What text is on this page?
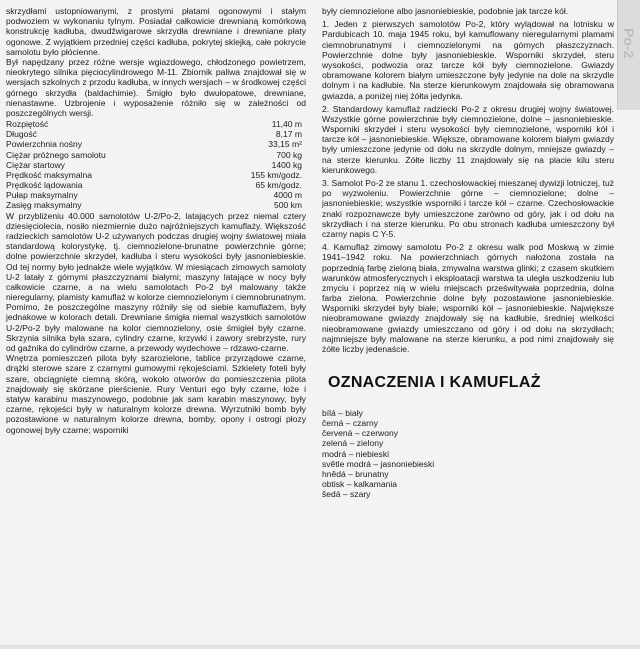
skrzydłami ustopniowanymi, z prostymi płatami ogonowymi i stałym podwoziem w wykonaniu tylnym. Posiadał całkowicie drewnianą komórkową konstrukcję kadłuba, dwudźwigarowe skrzydła drewniane i drewniane płaty ogonowe. Z wyjątkiem przedniej części kadłuba, pokrytej sklejką, całe pokrycie samolotu było płócienne.

Był napędzany przez różne wersje wgiazdowego, chłodzonego powietrzem, nieokrytego silnika pięciocylindrowego M-11. Zbiornik paliwa znajdował się w wersjach szkolnych z przodu kadłuba, w innych wersjach – w środkowej części górnego skrzydła (baldachimie). Śmigło było dwułopatowe, drewniane, nienastawne. Uzbrojenie i wyposażenie różniło się w zależności od poszczególnych wersji.

Rozpiętość	11,40 m
Długość	8,17 m
Powierzchnia nośny	33,15 m²
Ciężar próżnego samolotu	700 kg
Ciężar startowy	1400 kg
Prędkość maksymalna	155 km/godz.
Prędkość lądowania	65 km/godz.
Pułap maksymalny	4000 m
Zasięg maksymalny	500 km

W przybliżeniu 40.000 samolotów U-2/Po-2, latających przez niemal cztery dziesięciolecia, nosiło niezmiernie dużo najróżniejszych kamuflaży. Większość radzieckich samolotów U-2 używanych podczas drugiej wojny światowej miała standardową kolorystykę, tj. ciemnozielone-brunatne powierzchnie górne; dolne powierzchnie skrzydeł, kadłuba i steru wysokości były jasnoniebieskie. Od tej normy było jednakże wiele wyjątków. W miesiącach zimowych samoloty U-2 latały z górnymi płaszczyznami białymi; maszyny latające w nocy były całkowicie czarne, a na wielu samolotach Po-2 był malowany także nieregularny, plamisty kamuflaż w kolorze ciemnozielonym i ciemnobrunatnym. Pomimo, że poszczególne maszyny różniły się od siebie kamuflażem, były jednakowe w kolorach detali. Drewniane śmigła niemal wszystkich samolotów U-2/Po-2 były malowane na kolor ciemnozielony, osie śmigieł były czarne. Skrzynia silnika była szara, cylindry czarne, krzywki i zawory srebrzyste, rury od gaźnika do cylindrów czarne, a przewody wydechowe – rdzawo-czarne.

Wnętrza pomieszczeń pilota były szarozielone, tablice przyrządowe czarne, drążki sterowe szare z czarnymi gumowymi rękojeściami. Szkielety foteli były szare, obciągnięte ciemną skórą, wokoło otworów do pomieszczenia pilota znajdowały się skórzane pierścienie. Rury Venturi ego były czarne, łoże i statyw karabinu maszynowego, podobnie jak sam karabin maszynowy, były czarne, rękojeści były w naturalnym kolorze drewna. Wyrzutniki bomb były pozostawione w naturalnym kolorze drewna, bomby, opony i ostrogi płozy ogonowej były czarne; wsporniki

były ciemnozielone albo jasnoniebieskie, podobnie jak tarcze kół.

1. Jeden z pierwszych samolotów Po-2, który wylądował na lotnisku w Pardubicach 10. maja 1945 roku, był kamuflowany nieregularnymi plamami ciemnobrunatnymi i ciemnozielonymi na górnych płaszczyznach. Powierzchnie dolne były jasnoniebieskie. Wsporniki skrzydeł, steru wysokości, podwozia oraz tarcze kół były ciemnozielone. Gwiazdy obramowane kolorem białym umieszczone były jedynie na dole na skrzydle dolnym i na kadłubie. Na sterze kierunkowym znajdowała się obramowana gwiazda, a poniżej niej żółta jedynka.

2. Standardowy kamuflaż radziecki Po-2 z okresu drugiej wojny światowej. Wszystkie górne powierzchnie były ciemnozielone, dolne – jasnoniebieskie. Wsporniki skrzydeł i steru wysokości były ciemnozielone, wsporniki kół i tarcze kół – jasnoniebieskie. Większe, obramowane kolorem białym gwiazdy były umieszczone jedynie od dołu na skrzydle dolnym, mniejsze gwiazdy – na sterze kierunku. Żółte liczby 11 znajdowały się na placie kilu steru kierunkowego.

3. Samolot Po-2 ze stanu 1. czechosłowackiej mieszanej dywizji lotniczej, tuż po wyzwoleniu. Powierzchnie górne – ciemnozielone; dolne – jasnoniebieskie; wszystkie wsporniki i tarcze kół – czarne. Czechosłowackie znaki rozpoznawcze były umieszczone zarówno od góry, jak i od dołu na skrzydłach i na sterze kierunku. Po obu stronach kadłuba umieszczony był czarny napis C Y-5.

4. Kamuflaż zimowy samolotu Po-2 z okresu walk pod Moskwą w zimie 1941–1942 roku. Na powierzchniach górnych nałożona została na poprzednią farbę zieloną biała, zmywalna warstwa glinki; z czasem skutkiem warunków atmosferycznych i eksploatacji warstwa ta uległa uszkodzeniu lub zmyciu i poprzez nią w wielu miejscach prześwitywała poprzednia, dolna farba zielona. Powierzchnie dolne były pozostawione jasnoniebieskie. Wsporniki skrzydeł były białe; wsporniki kół – jasnoniebieskie. Największe nieobramowane gwiazdy znajdowały się na kadłubie, średniej wielkości nieobramowane gwiazdy umieszczano od góry i od dołu na skrzydłach; najmniejsze były malowane na sterze kierunku, a pod nimi znajdowały się żółte liczby jedenaście.

OZNACZENIA I KAMUFLAŻ
bílá – biały
černá – czarny
červená – czerwony
zelená – zielony
modrá – niebieski
světle modrá – jasnoniebieski
hnědá – brunatny
obtisk – kalkamania
šedá – szary
Po-2
